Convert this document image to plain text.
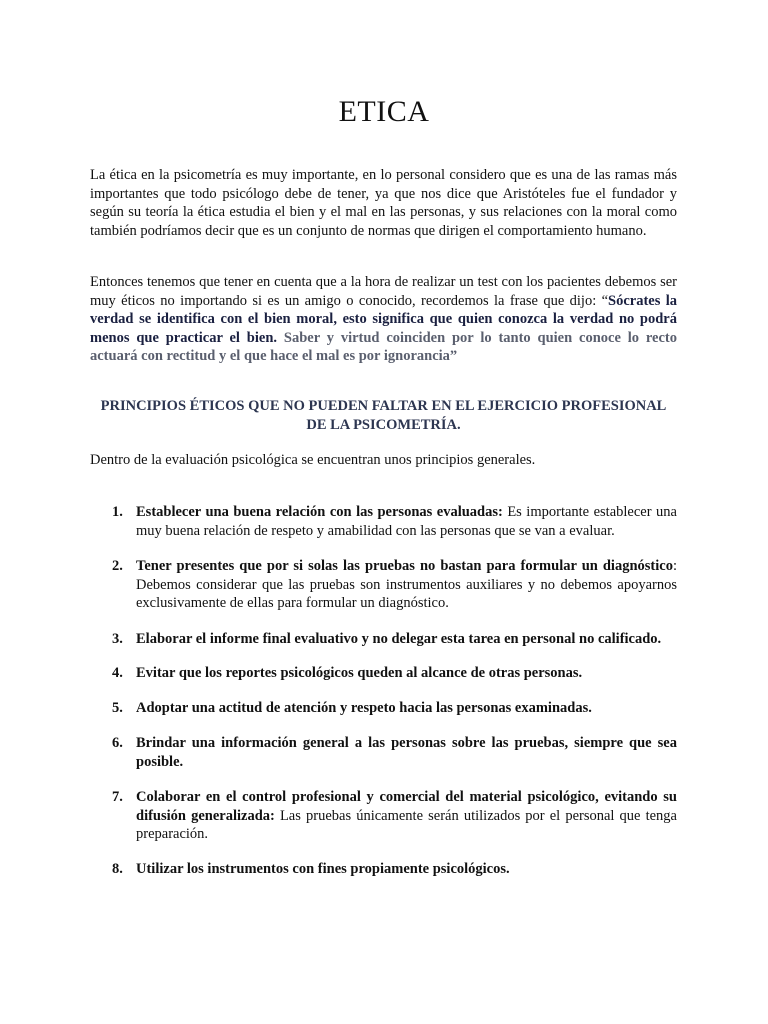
ETICA

La ética en la psicometría es muy importante, en lo personal considero que es una de las ramas más importantes que todo psicólogo debe de tener, ya que nos dice que Aristóteles fue el fundador y según su teoría la ética estudia el bien y el mal en las personas, y sus relaciones con la moral como también podríamos decir que es un conjunto de normas que dirigen el comportamiento humano.

Entonces tenemos que tener en cuenta que a la hora de realizar un test con los pacientes debemos ser muy éticos no importando si es un amigo o conocido, recordemos la frase que dijo: “Sócrates la verdad se identifica con el bien moral, esto significa que quien conozca la verdad no podrá menos que practicar el bien. Saber y virtud coinciden por lo tanto quien conoce lo recto actuará con rectitud y el que hace el mal es por ignorancia”

PRINCIPIOS ÉTICOS QUE NO PUEDEN FALTAR EN EL EJERCICIO PROFESIONAL DE LA PSICOMETRÍA.

Dentro de la evaluación psicológica se encuentran unos principios generales.

1. Establecer una buena relación con las personas evaluadas: Es importante establecer una muy buena relación de respeto y amabilidad con las personas que se van a evaluar.
2. Tener presentes que por si solas las pruebas no bastan para formular un diagnóstico: Debemos considerar que las pruebas son instrumentos auxiliares y no debemos apoyarnos exclusivamente de ellas para formular un diagnóstico.
3. Elaborar el informe final evaluativo y no delegar esta tarea en personal no calificado.
4. Evitar que los reportes psicológicos queden al alcance de otras personas.
5. Adoptar una actitud de atención y respeto hacia las personas examinadas.
6. Brindar una información general a las personas sobre las pruebas, siempre que sea posible.
7. Colaborar en el control profesional y comercial del material psicológico, evitando su difusión generalizada: Las pruebas únicamente serán utilizados por el personal que tenga preparación.
8. Utilizar los instrumentos con fines propiamente psicológicos.
